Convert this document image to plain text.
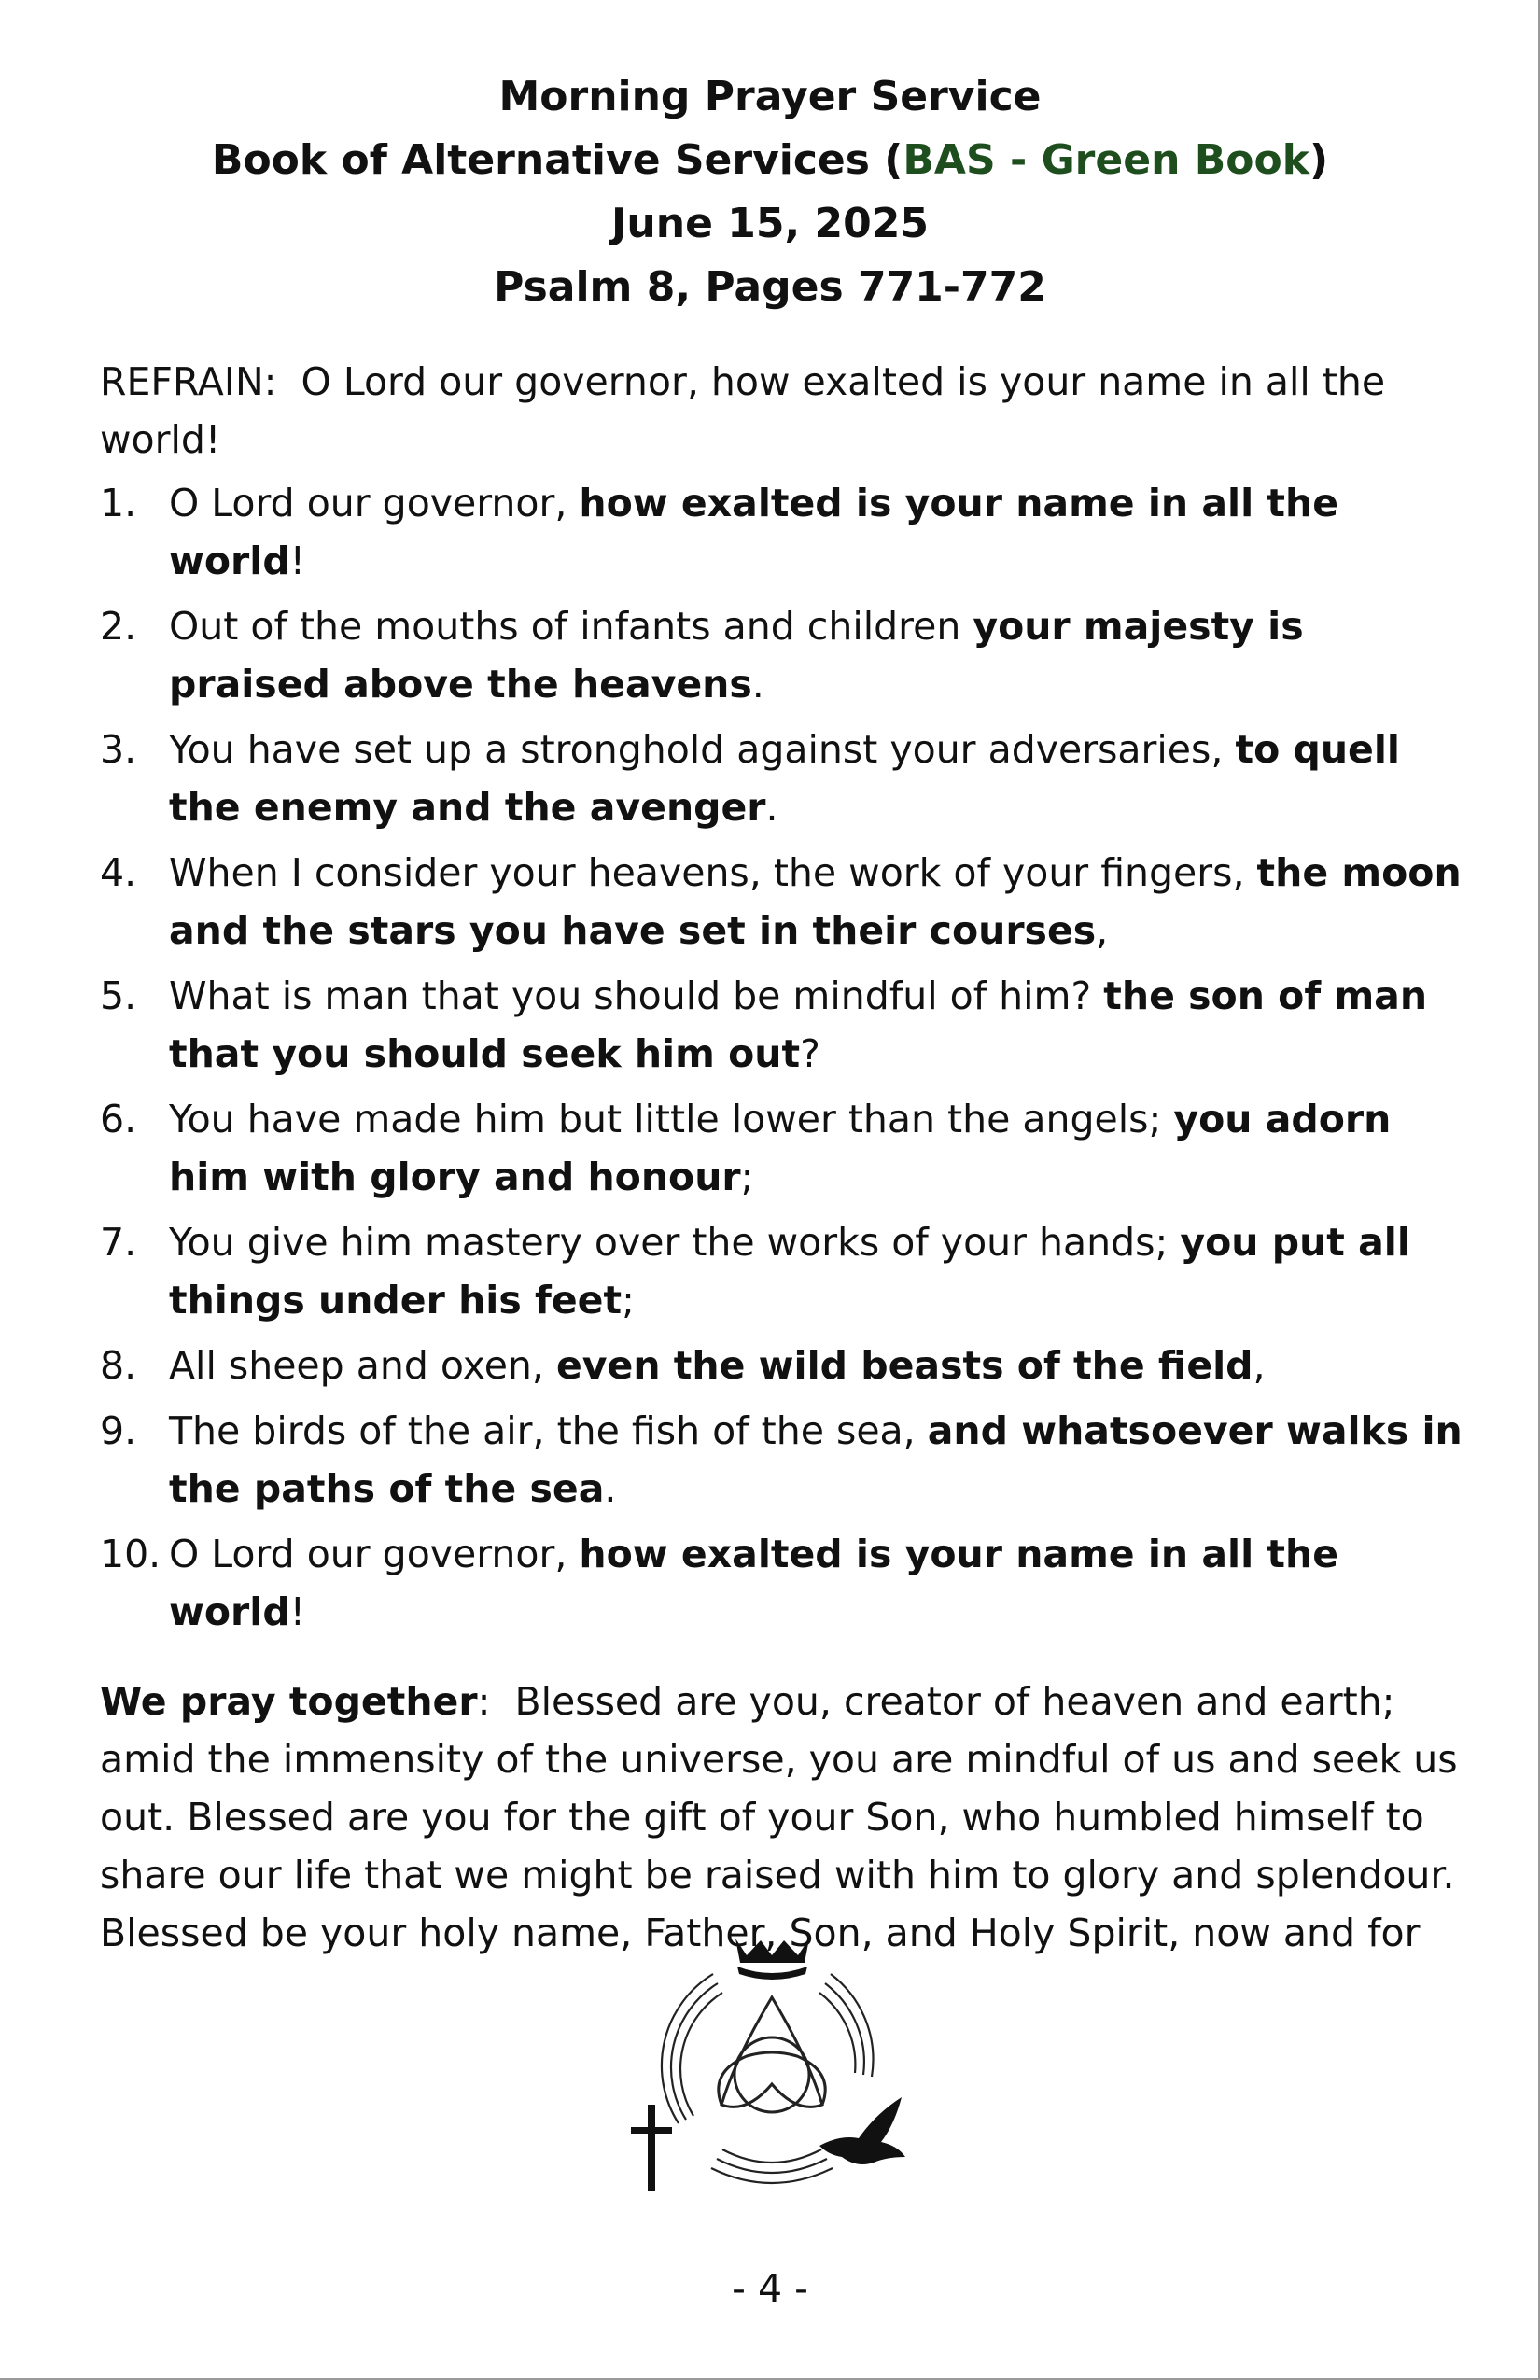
Morning Prayer Service
Book of Alternative Services (BAS - Green Book)
June 15, 2025
Psalm 8, Pages 771-772
REFRAIN: O Lord our governor, how exalted is your name in all the world!
1. O Lord our governor, how exalted is your name in all the world!
2. Out of the mouths of infants and children your majesty is praised above the heavens.
3. You have set up a stronghold against your adversaries, to quell the enemy and the avenger.
4. When I consider your heavens, the work of your fingers, the moon and the stars you have set in their courses,
5. What is man that you should be mindful of him? the son of man that you should seek him out?
6. You have made him but little lower than the angels; you adorn him with glory and honour;
7. You give him mastery over the works of your hands; you put all things under his feet;
8. All sheep and oxen, even the wild beasts of the field,
9. The birds of the air, the fish of the sea, and whatsoever walks in the paths of the sea.
10. O Lord our governor, how exalted is your name in all the world!
We pray together: Blessed are you, creator of heaven and earth; amid the immensity of the universe, you are mindful of us and seek us out. Blessed are you for the gift of your Son, who humbled himself to share our life that we might be raised with him to glory and splendour. Blessed be your holy name, Father, Son, and Holy Spirit, now and for
- 4 -
